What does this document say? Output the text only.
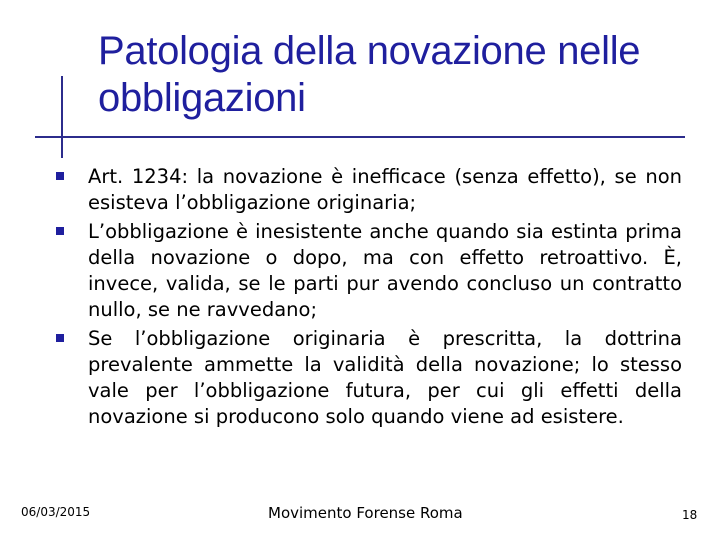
Patologia della novazione nelle obbligazioni
Art. 1234: la novazione è inefficace (senza effetto), se non esisteva l’obbligazione originaria;
L’obbligazione è inesistente anche quando sia estinta prima della novazione o dopo, ma con effetto retroattivo. È, invece, valida, se le parti pur avendo concluso un contratto nullo, se ne ravvedano;
Se l’obbligazione originaria è prescritta, la dottrina prevalente ammette la validità della novazione; lo stesso vale per l’obbligazione futura, per cui gli effetti della novazione si producono solo quando viene ad esistere.
06/03/2015	Movimento Forense Roma	18
